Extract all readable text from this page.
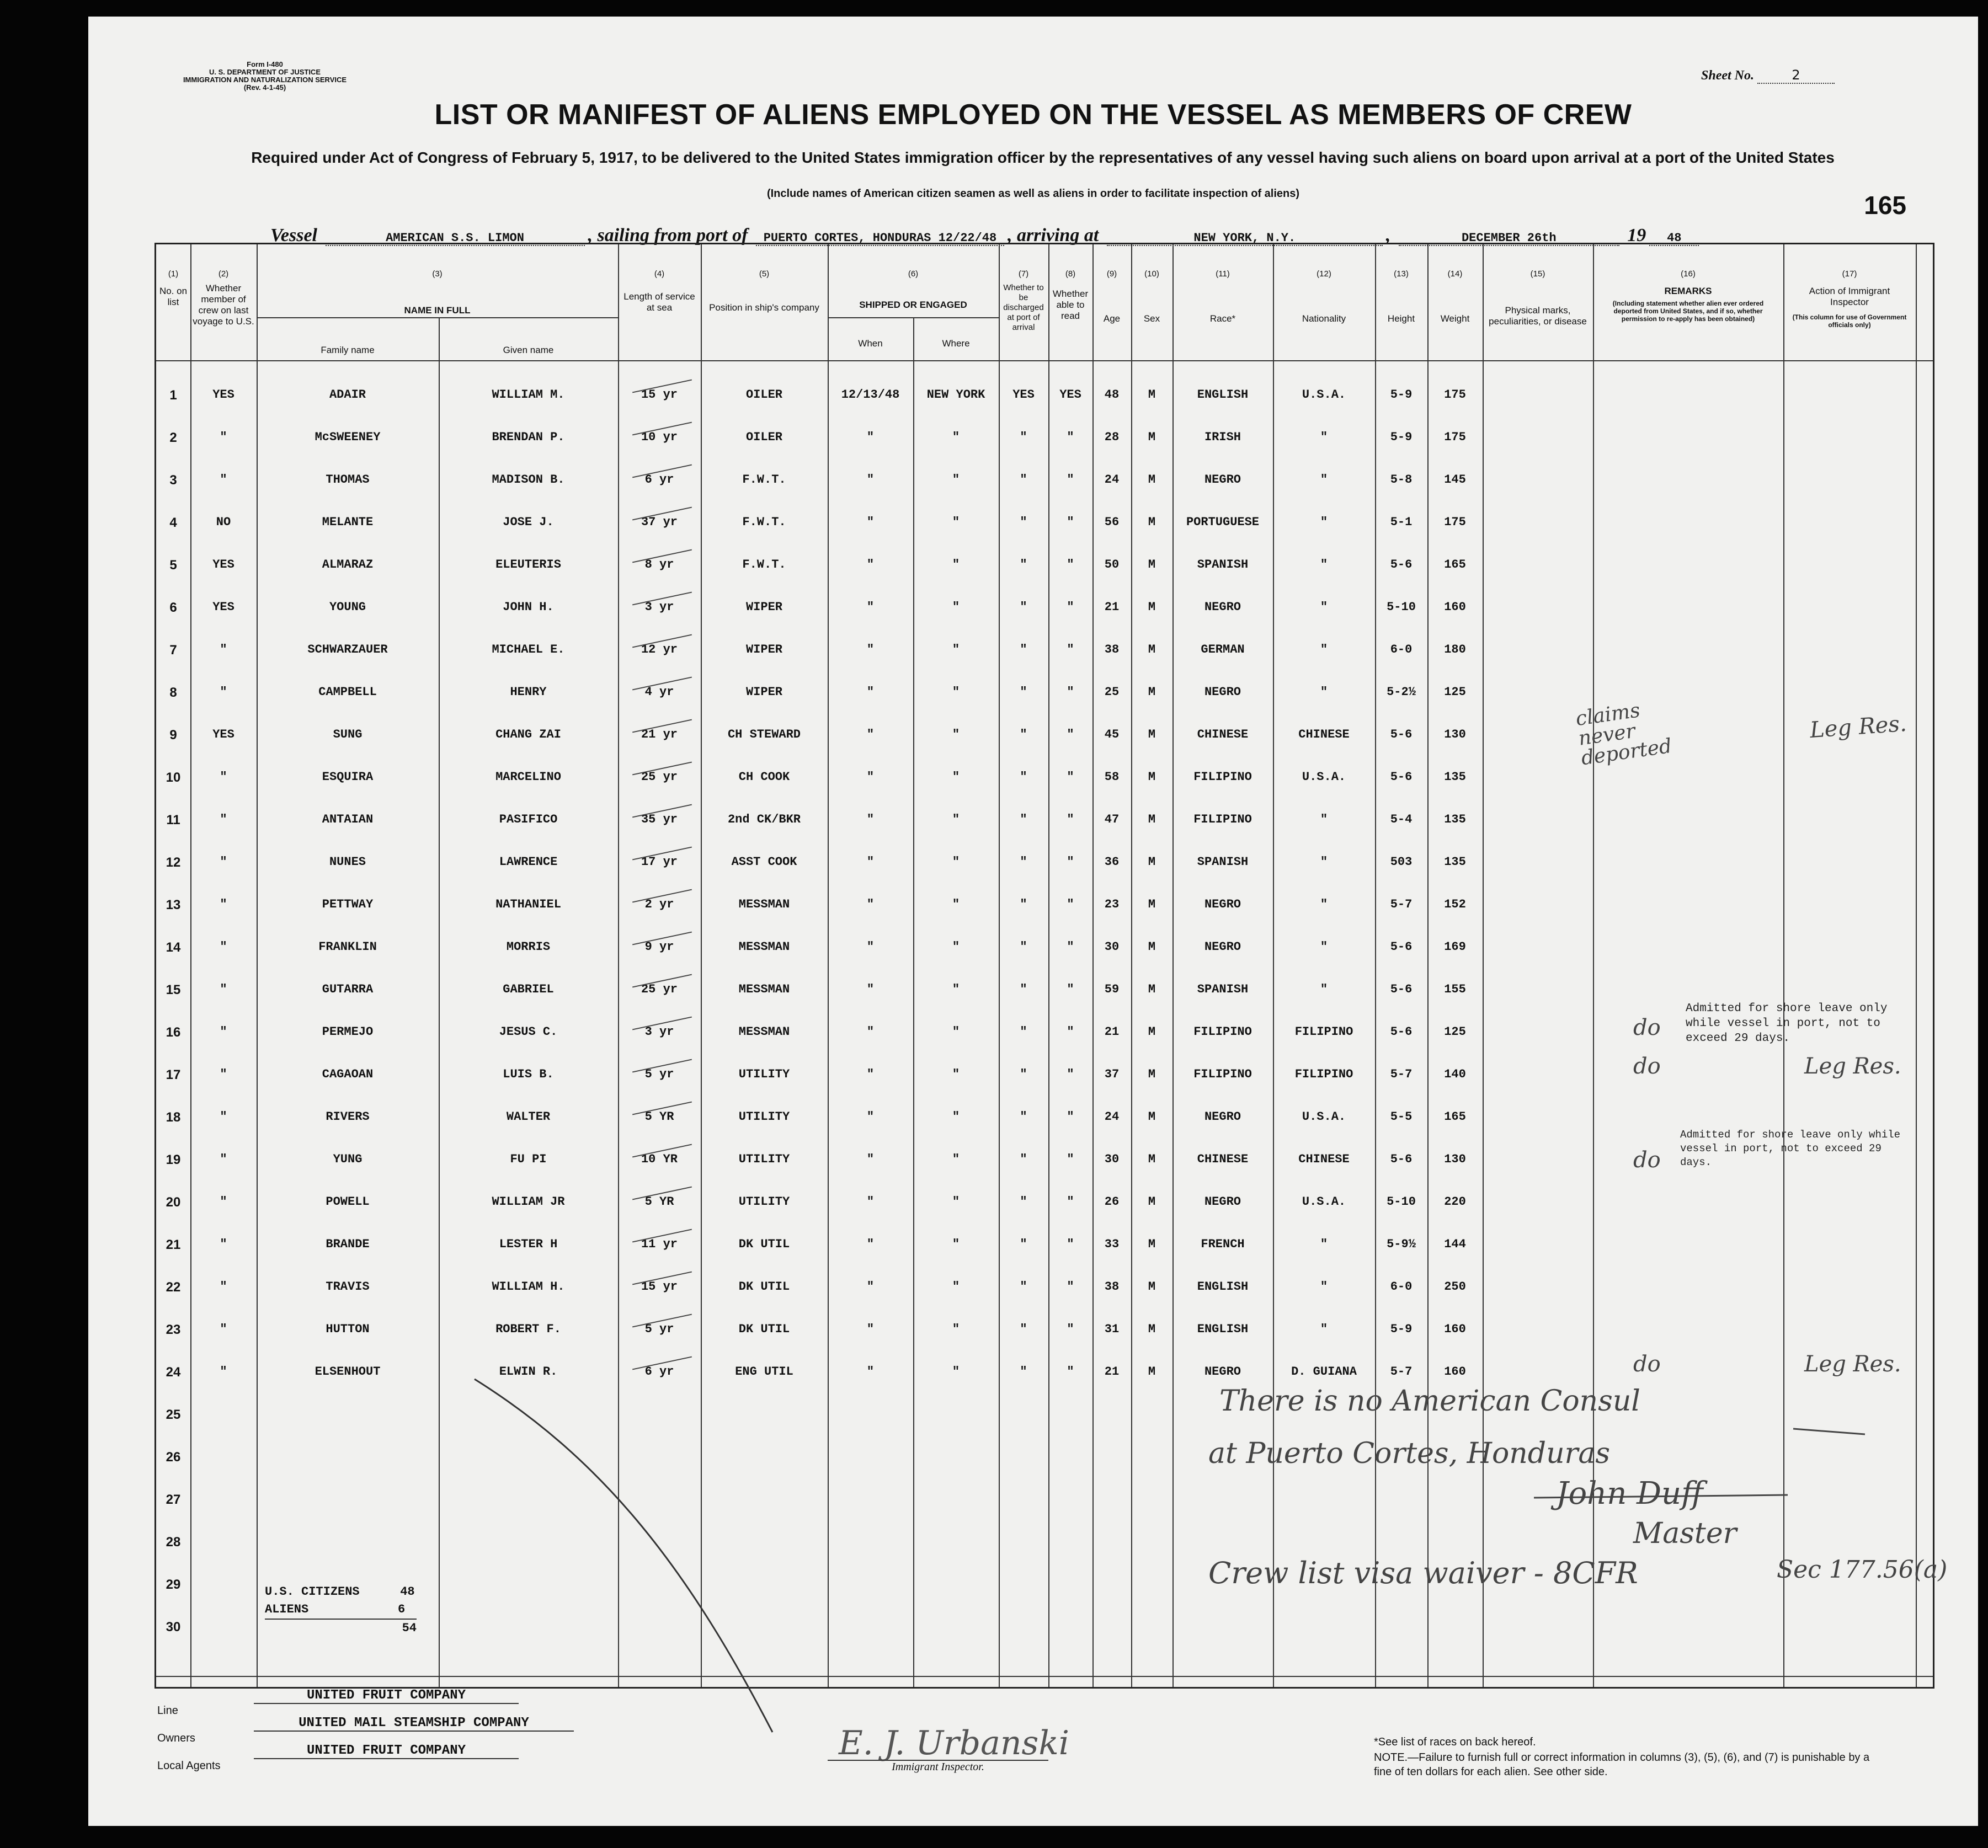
Form I-480
U. S. DEPARTMENT OF JUSTICE
IMMIGRATION AND NATURALIZATION SERVICE
(Rev. 4-1-45)
Sheet No.	2
LIST OR MANIFEST OF ALIENS EMPLOYED ON THE VESSEL AS MEMBERS OF CREW
Required under Act of Congress of February 5, 1917, to be delivered to the United States immigration officer by the representatives of any vessel having such aliens on board upon arrival at a port of the United States
(Include names of American citizen seamen as well as aliens in order to facilitate inspection of aliens)	165
Vessel	AMERICAN S.S. LIMON	, sailing from port of PUERTO CORTES, HONDURAS 12/22/48 , arriving at	NEW YORK, N.Y.	,	DECEMBER 26th	19 48
(1)
No. on list
(2)
Whether member of crew on last voyage to U.S.
(3)
NAME IN FULL
Family name	Given name
(4)
Length of service at sea
(5)
Position in ship's company
(6)
SHIPPED OR ENGAGED
When	Where
(7)
Whether to be discharged at port of arrival
(8)
Whether able to read
(9)
Age
(10)
Sex
(11)
Race*
(12)
Nationality
(13)
Height
(14)
Weight
(15)
Physical marks, peculiarities, or disease
(16)
REMARKS
(Including statement whether alien ever ordered deported from United States, and if so, whether permission to re-apply has been obtained)
(17)
Action of Immigrant Inspector
(This column for use of Government officials only)
1	YES	ADAIR	WILLIAM M.	15 yr	OILER	12/13/48	NEW YORK	YES	YES	48	M	ENGLISH	U.S.A.	5-9	175
2	"	McSWEENEY	BRENDAN P.	10 yr	OILER	"	"	"	"	28	M	IRISH	"	5-9	175
3	"	THOMAS	MADISON B.	6 yr	F.W.T.	"	"	"	"	24	M	NEGRO	"	5-8	145
4	NO	MELANTE	JOSE J.	37 yr	F.W.T.	"	"	"	"	56	M	PORTUGUESE	"	5-1	175
5	YES	ALMARAZ	ELEUTERIS	8 yr	F.W.T.	"	"	"	"	50	M	SPANISH	"	5-6	165
6	YES	YOUNG	JOHN H.	3 yr	WIPER	"	"	"	"	21	M	NEGRO	"	5-10	160
7	"	SCHWARZAUER	MICHAEL E.	12 yr	WIPER	"	"	"	"	38	M	GERMAN	"	6-0	180
8	"	CAMPBELL	HENRY	4 yr	WIPER	"	"	"	"	25	M	NEGRO	"	5-2½	125
9	YES	SUNG	CHANG ZAI	21 yr	CH STEWARD	"	"	"	"	45	M	CHINESE	CHINESE	5-6	130
10	"	ESQUIRA	MARCELINO	25 yr	CH COOK	"	"	"	"	58	M	FILIPINO	U.S.A.	5-6	135
11	"	ANTAIAN	PASIFICO	35 yr	2nd CK/BKR	"	"	"	"	47	M	FILIPINO	"	5-4	135
12	"	NUNES	LAWRENCE	17 yr	ASST COOK	"	"	"	"	36	M	SPANISH	"	503	135
13	"	PETTWAY	NATHANIEL	2 yr	MESSMAN	"	"	"	"	23	M	NEGRO	"	5-7	152
14	"	FRANKLIN	MORRIS	9 yr	MESSMAN	"	"	"	"	30	M	NEGRO	"	5-6	169
15	"	GUTARRA	GABRIEL	25 yr	MESSMAN	"	"	"	"	59	M	SPANISH	"	5-6	155
16	"	PERMEJO	JESUS C.	3 yr	MESSMAN	"	"	"	"	21	M	FILIPINO	FILIPINO	5-6	125
17	"	CAGAOAN	LUIS B.	5 yr	UTILITY	"	"	"	"	37	M	FILIPINO	FILIPINO	5-7	140
18	"	RIVERS	WALTER	5 YR	UTILITY	"	"	"	"	24	M	NEGRO	U.S.A.	5-5	165
19	"	YUNG	FU PI	10 YR	UTILITY	"	"	"	"	30	M	CHINESE	CHINESE	5-6	130
20	"	POWELL	WILLIAM JR	5 YR	UTILITY	"	"	"	"	26	M	NEGRO	U.S.A.	5-10	220
21	"	BRANDE	LESTER H	11 yr	DK UTIL	"	"	"	"	33	M	FRENCH	"	5-9½	144
22	"	TRAVIS	WILLIAM H.	15 yr	DK UTIL	"	"	"	"	38	M	ENGLISH	"	6-0	250
23	"	HUTTON	ROBERT F.	5 yr	DK UTIL	"	"	"	"	31	M	ENGLISH	"	5-9	160
24	"	ELSENHOUT	ELWIN R.	6 yr	ENG UTIL	"	"	"	"	21	M	NEGRO	D. GUIANA	5-7	160
25
26
27
28
29
30
Admitted for shore leave only while vessel in port, not to exceed 29 days.
Admitted for shore leave only while vessel in port, not to exceed 29 days.
claims never deported
Leg Res.
do
do	Leg Res.
do
do	Leg Res.
There is no American Consul
at Puerto Cortes, Honduras
John Duff
Master
Crew list visa waiver - 8CFR	Sec 177.56(a)
U.S. CITIZENS	48
ALIENS	6
54
Line
UNITED FRUIT COMPANY
Owners
UNITED MAIL STEAMSHIP COMPANY
Local Agents
UNITED FRUIT COMPANY	E. J. Urbanski
Immigrant Inspector.
*See list of races on back hereof.
NOTE.—Failure to furnish full or correct information in columns (3), (5), (6), and (7) is punishable by a fine of ten dollars for each alien. See other side.
